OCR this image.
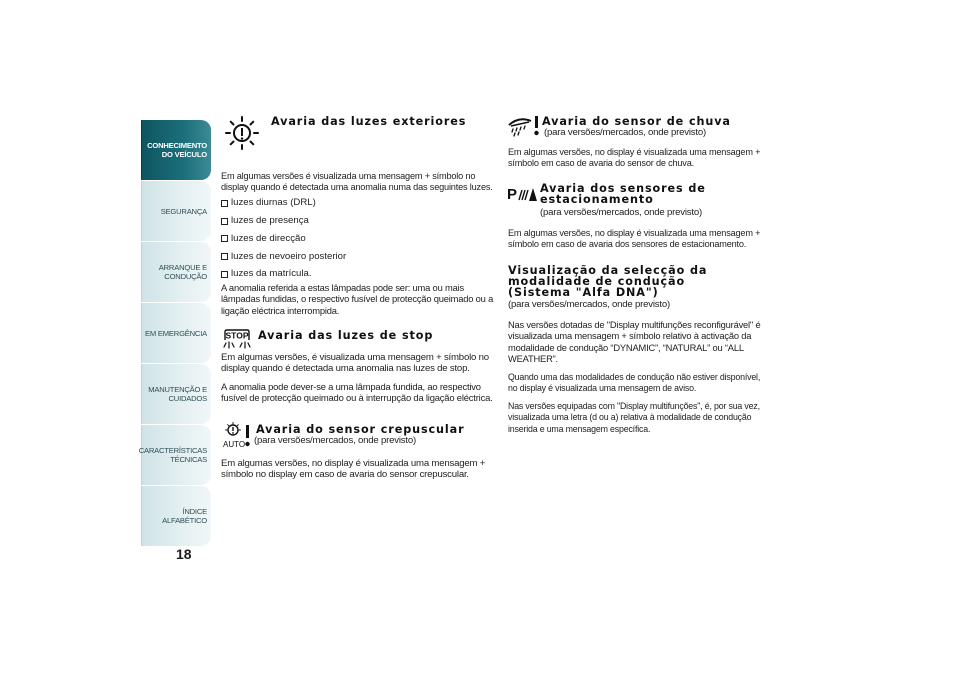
CONHECIMENTO
DO VEÍCULO
SEGURANÇA
ARRANQUE E
CONDUÇÃO
EM EMERGÊNCIA
MANUTENÇÃO E
CUIDADOS
CARACTERÍSTICAS
TÉCNICAS
ÍNDICE ALFABÉTICO
18
Avaria das luzes exteriores
Em algumas versões é visualizada uma mensagem + símbolo no
display quando é detectada uma anomalia numa das seguintes luzes.
luzes diurnas (DRL)
luzes de presença
luzes de direcção
luzes de nevoeiro posterior
luzes da matrícula.
A anomalia referida a estas lâmpadas pode ser: uma ou mais
lâmpadas fundidas, o respectivo fusível de protecção queimado ou a
ligação eléctrica interrompida.
STOP Avaria das luzes de stop
Em algumas versões, é visualizada uma mensagem + símbolo no
display quando é detectada uma anomalia nas luzes de stop.
A anomalia pode dever-se a uma lâmpada fundida, ao respectivo
fusível de protecção queimado ou à interrupção da ligação eléctrica.
AUTO
Avaria do sensor crepuscular
(para versões/mercados, onde previsto)
Em algumas versões, no display é visualizada uma mensagem +
símbolo no display em caso de avaria do sensor crepuscular.
Avaria do sensor de chuva
(para versões/mercados, onde previsto)
Em algumas versões, no display é visualizada uma mensagem +
símbolo em caso de avaria do sensor de chuva.
P Avaria dos sensores de
estacionamento
(para versões/mercados, onde previsto)
Em algumas versões, no display é visualizada uma mensagem +
símbolo em caso de avaria dos sensores de estacionamento.
Visualização da selecção da
modalidade de condução
(Sistema "Alfa DNA")
(para versões/mercados, onde previsto)
Nas versões dotadas de "Display multifunções reconfigurável" é
visualizada uma mensagem + símbolo relativo à activação da
modalidade de condução “DYNAMIC”, “NATURAL” ou “ALL
WEATHER”.
Quando uma das modalidades de condução não estiver disponível,
no display é visualizada uma mensagem de aviso.
Nas versões equipadas com "Display multifunções", é, por sua vez,
visualizada uma letra (d ou a) relativa à modalidade de condução
inserida e uma mensagem específica.
